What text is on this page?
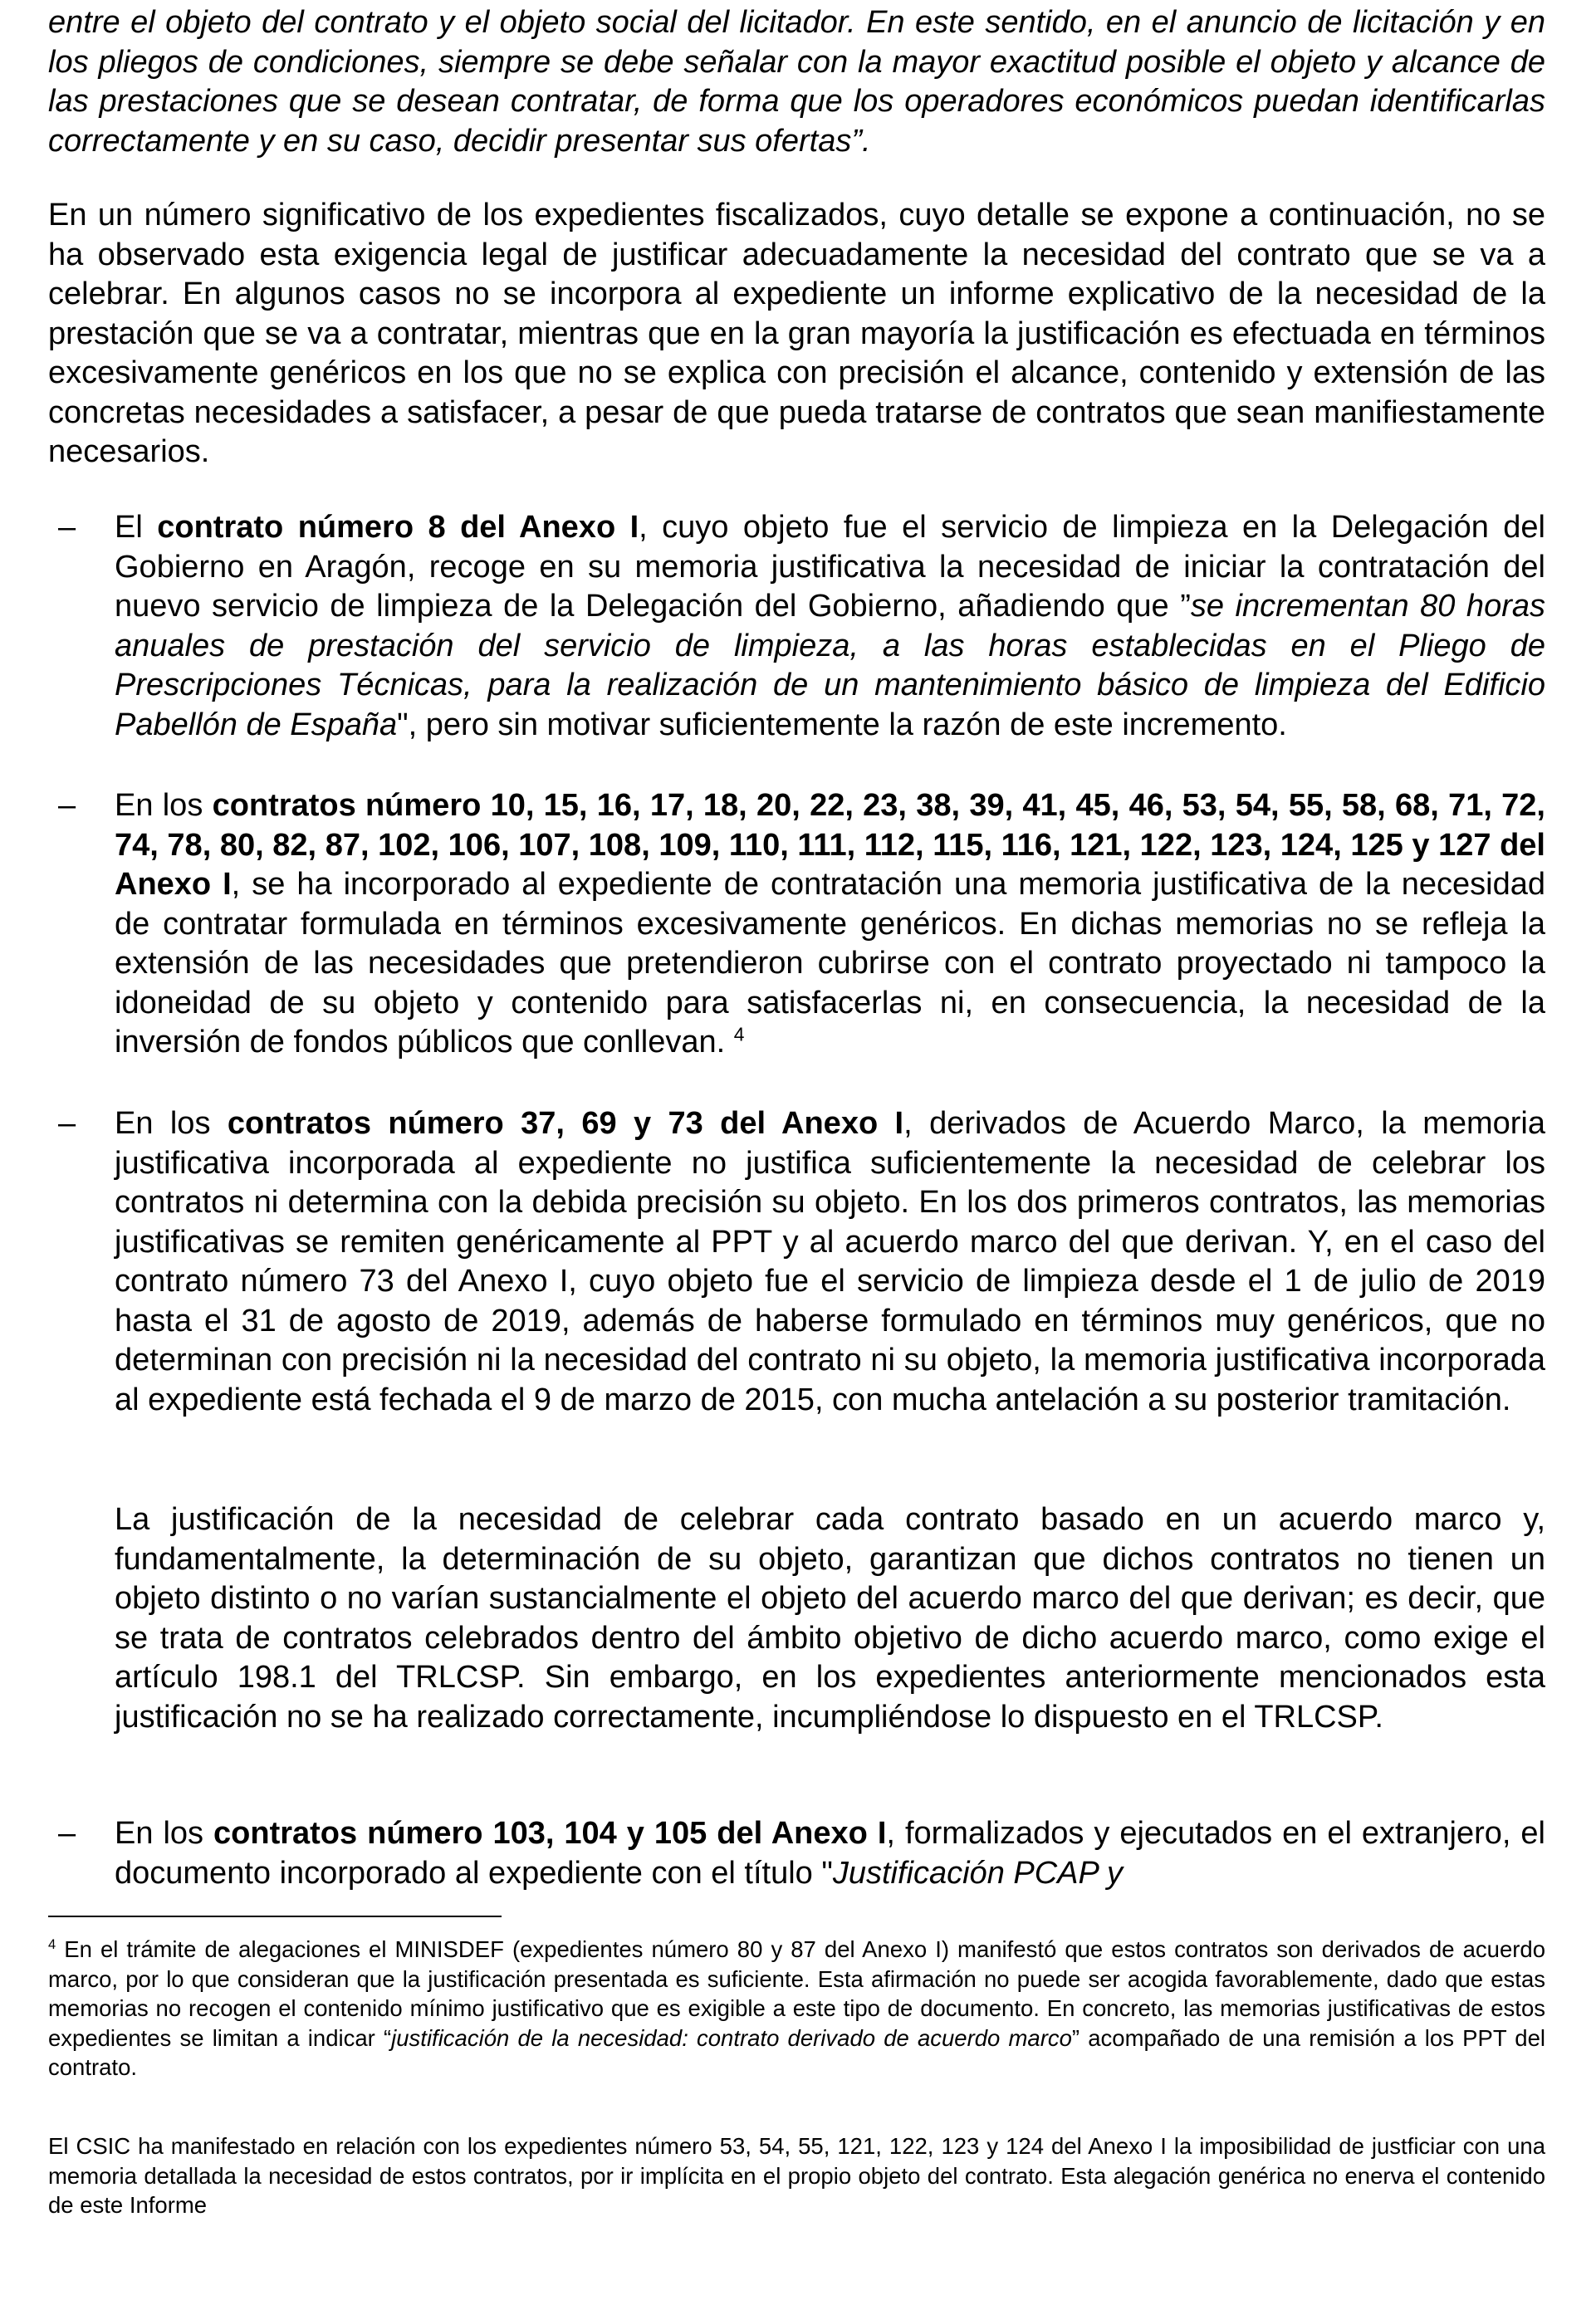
entre el objeto del contrato y el objeto social del licitador. En este sentido, en el anuncio de licitación y en los pliegos de condiciones, siempre se debe señalar con la mayor exactitud posible el objeto y alcance de las prestaciones que se desean contratar, de forma que los operadores económicos puedan identificarlas correctamente y en su caso, decidir presentar sus ofertas”.

En un número significativo de los expedientes fiscalizados, cuyo detalle se expone a continuación, no se ha observado esta exigencia legal de justificar adecuadamente la necesidad del contrato que se va a celebrar. En algunos casos no se incorpora al expediente un informe explicativo de la necesidad de la prestación que se va a contratar, mientras que en la gran mayoría la justificación es efectuada en términos excesivamente genéricos en los que no se explica con precisión el alcance, contenido y extensión de las concretas necesidades a satisfacer, a pesar de que pueda tratarse de contratos que sean manifiestamente necesarios.

– El contrato número 8 del Anexo I, cuyo objeto fue el servicio de limpieza en la Delegación del Gobierno en Aragón, recoge en su memoria justificativa la necesidad de iniciar la contratación del nuevo servicio de limpieza de la Delegación del Gobierno, añadiendo que ”se incrementan 80 horas anuales de prestación del servicio de limpieza, a las horas establecidas en el Pliego de Prescripciones Técnicas, para la realización de un mantenimiento básico de limpieza del Edificio Pabellón de España", pero sin motivar suficientemente la razón de este incremento.

– En los contratos número 10, 15, 16, 17, 18, 20, 22, 23, 38, 39, 41, 45, 46, 53, 54, 55, 58, 68, 71, 72, 74, 78, 80, 82, 87, 102, 106, 107, 108, 109, 110, 111, 112, 115, 116, 121, 122, 123, 124, 125 y 127 del Anexo I, se ha incorporado al expediente de contratación una memoria justificativa de la necesidad de contratar formulada en términos excesivamente genéricos. En dichas memorias no se refleja la extensión de las necesidades que pretendieron cubrirse con el contrato proyectado ni tampoco la idoneidad de su objeto y contenido para satisfacerlas ni, en consecuencia, la necesidad de la inversión de fondos públicos que conllevan. $^4$

– En los contratos número 37, 69 y 73 del Anexo I, derivados de Acuerdo Marco, la memoria justificativa incorporada al expediente no justifica suficientemente la necesidad de celebrar los contratos ni determina con la debida precisión su objeto. En los dos primeros contratos, las memorias justificativas se remiten genéricamente al PPT y al acuerdo marco del que derivan. Y, en el caso del contrato número 73 del Anexo I, cuyo objeto fue el servicio de limpieza desde el 1 de julio de 2019 hasta el 31 de agosto de 2019, además de haberse formulado en términos muy genéricos, que no determinan con precisión ni la necesidad del contrato ni su objeto, la memoria justificativa incorporada al expediente está fechada el 9 de marzo de 2015, con mucha antelación a su posterior tramitación.

La justificación de la necesidad de celebrar cada contrato basado en un acuerdo marco y, fundamentalmente, la determinación de su objeto, garantizan que dichos contratos no tienen un objeto distinto o no varían sustancialmente el objeto del acuerdo marco del que derivan; es decir, que se trata de contratos celebrados dentro del ámbito objetivo de dicho acuerdo marco, como exige el artículo 198.1 del TRLCSP. Sin embargo, en los expedientes anteriormente mencionados esta justificación no se ha realizado correctamente, incumpliéndose lo dispuesto en el TRLCSP.

– En los contratos número 103, 104 y 105 del Anexo I, formalizados y ejecutados en el extranjero, el documento incorporado al expediente con el título "Justificación PCAP y

$^4$ En el trámite de alegaciones el MINISDEF (expedientes número 80 y 87 del Anexo I) manifestó que estos contratos son derivados de acuerdo marco, por lo que consideran que la justificación presentada es suficiente. Esta afirmación no puede ser acogida favorablemente, dado que estas memorias no recogen el contenido mínimo justificativo que es exigible a este tipo de documento. En concreto, las memorias justificativas de estos expedientes se limitan a indicar “justificación de la necesidad: contrato derivado de acuerdo marco” acompañado de una remisión a los PPT del contrato.

El CSIC ha manifestado en relación con los expedientes número 53, 54, 55, 121, 122, 123 y 124 del Anexo I la imposibilidad de justficiar con una memoria detallada la necesidad de estos contratos, por ir implícita en el propio objeto del contrato. Esta alegación genérica no enerva el contenido de este Informe
